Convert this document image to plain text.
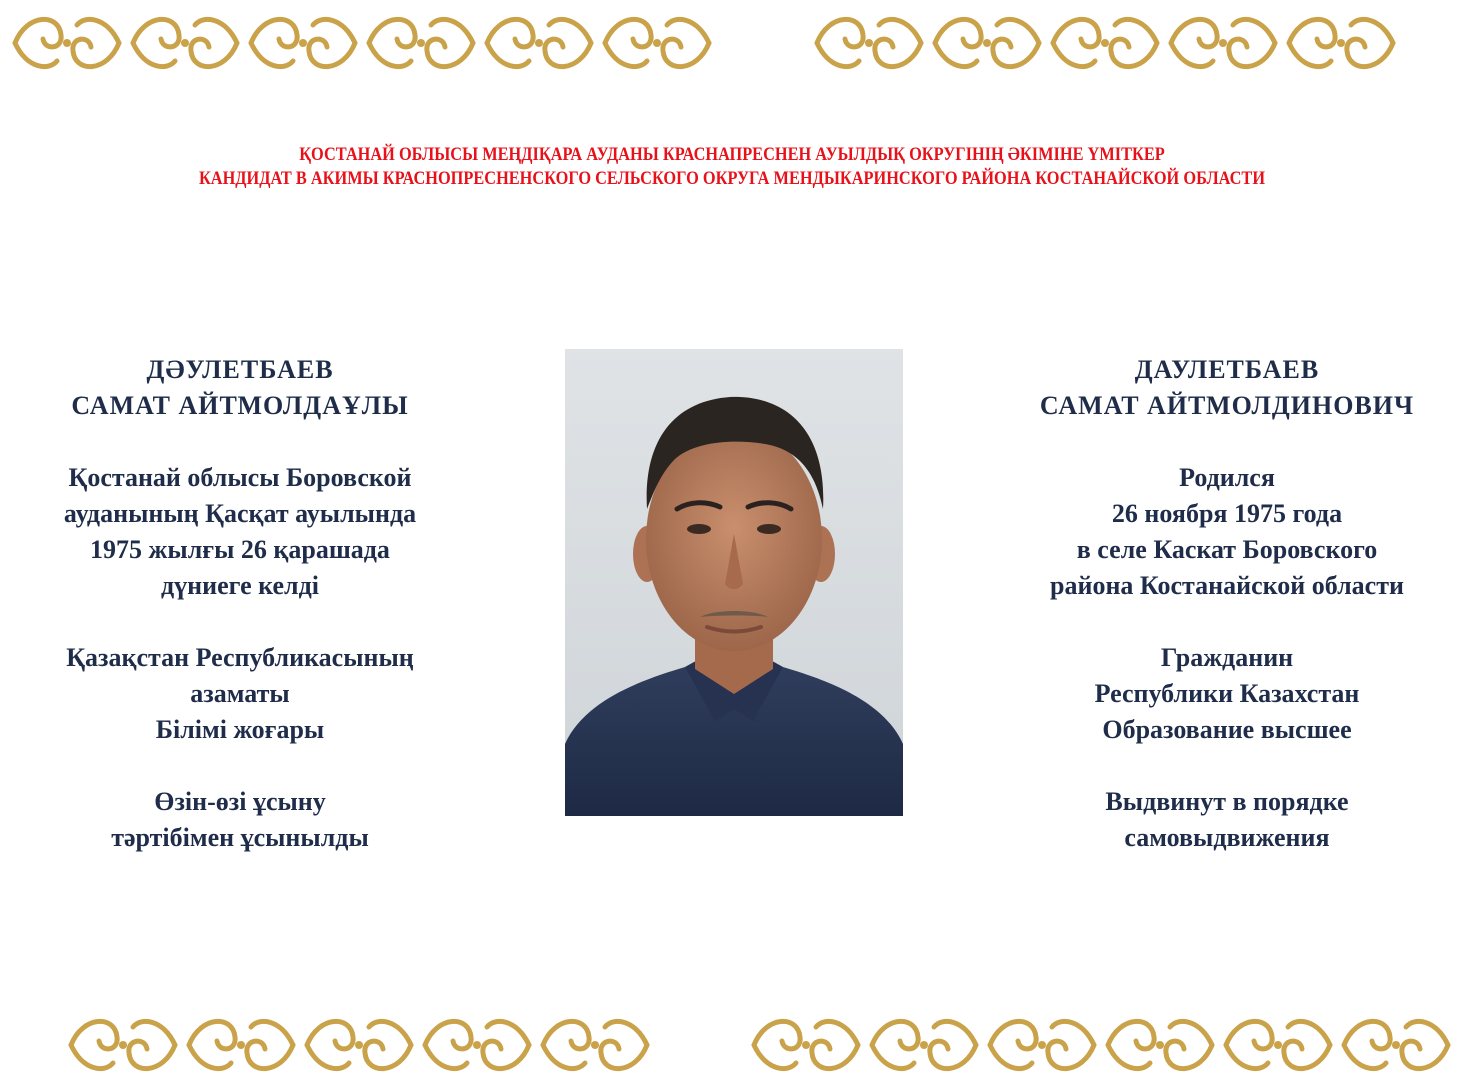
ҚОСТАНАЙ ОБЛЫСЫ МЕҢДІҚАРА АУДАНЫ КРАСНАПРЕСНЕН АУЫЛДЫҚ ОКРУГІНІҢ ӘКІМІНЕ ҮМІТКЕР
КАНДИДАТ В АКИМЫ КРАСНОПРЕСНЕНСКОГО СЕЛЬСКОГО ОКРУГА МЕНДЫКАРИНСКОГО РАЙОНА КОСТАНАЙСКОЙ ОБЛАСТИ
ДӘУЛЕТБАЕВ
САМАТ АЙТМОЛДАҰЛЫ
Қостанай облысы Боровской
ауданының Қасқат ауылында
1975 жылғы 26 қарашада
дүниеге келді
Қазақстан Республикасының
азаматы
Білімі жоғары
Өзін-өзі ұсыну
тәртібімен ұсынылды
ДАУЛЕТБАЕВ
САМАТ АЙТМОЛДИНОВИЧ
Родился
26 ноября 1975 года
в селе Каскат Боровского
района Костанайской области
Гражданин
Республики Казахстан
Образование высшее
Выдвинут в порядке
самовыдвижения
